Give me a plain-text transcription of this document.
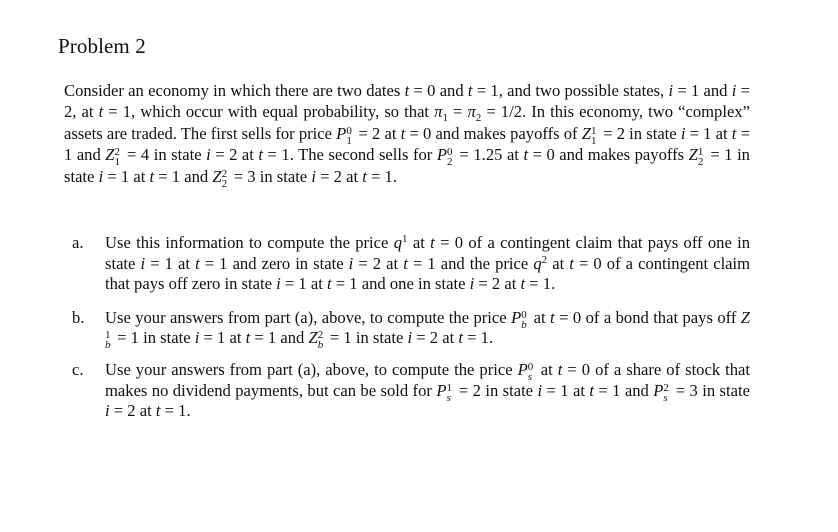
Problem 2

Consider an economy in which there are two dates t = 0 and t = 1, and two possible states, i = 1 and i = 2, at t = 1, which occur with equal probability, so that $\pi_1 = \pi_2 = 1/2$. In this economy, two “complex” assets are traded. The first sells for price P 0
1 = 2 at t = 0 and makes payoffs of Z 1
1 = 2 in state i = 1 at t = 1 and Z 2
1 = 4 in state i = 2 at t = 1. The second sells for P 0
2 = 1.25 at t = 0 and makes payoffs Z 1
2 = 1 in state i = 1 at t = 1 and Z 2
2 = 3 in state i = 2 at t = 1.

a. Use this information to compute the price $q^1$ at t = 0 of a contingent claim that pays off one in state i = 1 at t = 1 and zero in state i = 2 at t = 1 and the price $q^2$ at t = 0 of a contingent claim that pays off zero in state i = 1 at t = 1 and one in state i = 2 at t = 1.
b. Use your answers from part (a), above, to compute the price P 0
b at t = 0 of a bond that pays off Z
1
b = 1 in state i = 1 at t = 1 and Z 2
b = 1 in state i = 2 at t = 1.
c. Use your answers from part (a), above, to compute the price P 0
s at t = 0 of a share of stock that makes no dividend payments, but can be sold for P 1
s = 2 in state i = 1 at t = 1 and P 2
s = 3 in state i = 2 at t = 1.
